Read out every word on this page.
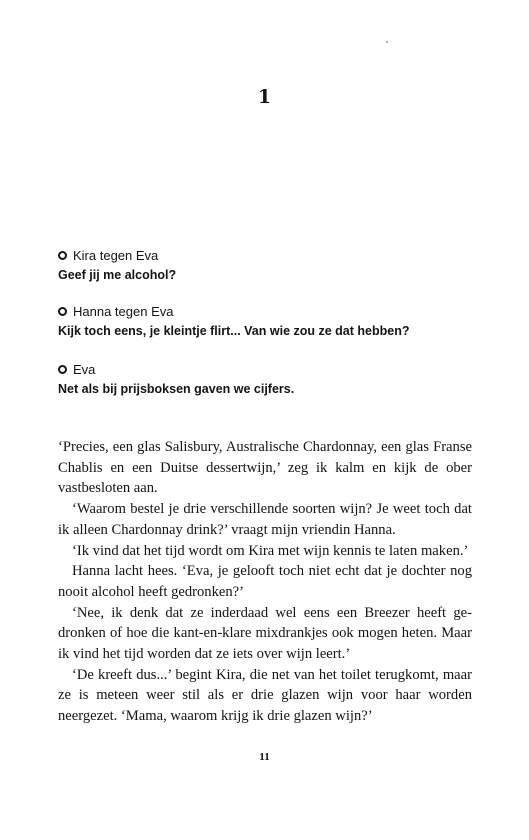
1
Kira tegen Eva
Geef jij me alcohol?
Hanna tegen Eva
Kijk toch eens, je kleintje flirt... Van wie zou ze dat hebben?
Eva
Net als bij prijsboksen gaven we cijfers.

‘Precies, een glas Salisbury, Australische Chardonnay, een glas Franse Chablis en een Duitse dessertwijn,’ zeg ik kalm en kijk de ober vastbesloten aan.

‘Waarom bestel je drie verschillende soorten wijn? Je weet toch dat ik alleen Chardonnay drink?’ vraagt mijn vriendin Hanna.

‘Ik vind dat het tijd wordt om Kira met wijn kennis te laten maken.’

Hanna lacht hees. ‘Eva, je gelooft toch niet echt dat je dochter nog nooit alcohol heeft gedronken?’

‘Nee, ik denk dat ze inderdaad wel eens een Breezer heeft gedronken of hoe die kant-en-klare mixdrankjes ook mogen heten. Maar ik vind het tijd worden dat ze iets over wijn leert.’

‘De kreeft dus...’ begint Kira, die net van het toilet terugkomt, maar ze is meteen weer stil als er drie glazen wijn voor haar worden neergezet. ‘Mama, waarom krijg ik drie glazen wijn?’

11
